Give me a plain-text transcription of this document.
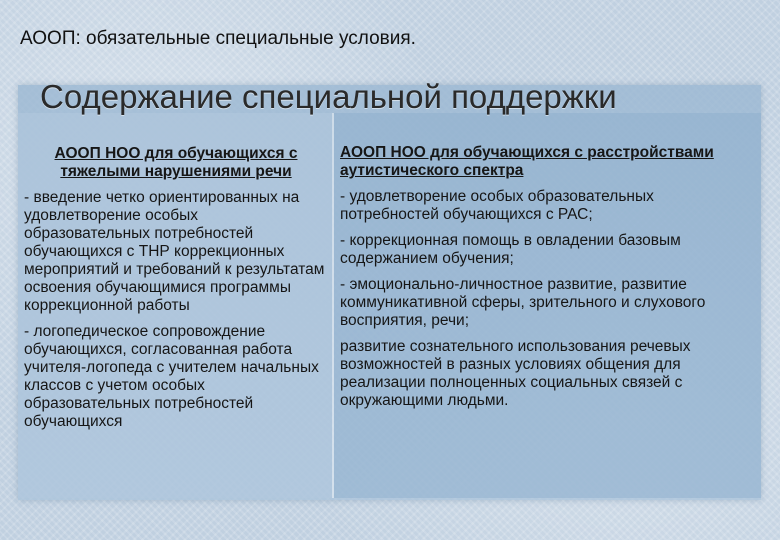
АООП: обязательные специальные условия.
АООП НОО для обучающихся с тяжелыми нарушениями речи

- введение четко ориентированных на удовлетворение особых образовательных потребностей обучающихся с ТНР коррекционных мероприятий и требований к результатам освоения обучающимися программы коррекционной работы

- логопедическое сопровождение обучающихся, согласованная работа учителя-логопеда с учителем начальных классов с учетом особых образовательных потребностей обучающихся

АООП НОО для обучающихся с расстройствами аутистического спектра

- удовлетворение особых образовательных потребностей обучающихся с РАС;

- коррекционная помощь в овладении базовым содержанием обучения;

- эмоционально-личностное развитие, развитие коммуникативной сферы, зрительного и слухового восприятия, речи;

развитие сознательного использования речевых возможностей в разных условиях общения для реализации полноценных социальных связей с окружающими людьми.

Содержание специальной поддержки
